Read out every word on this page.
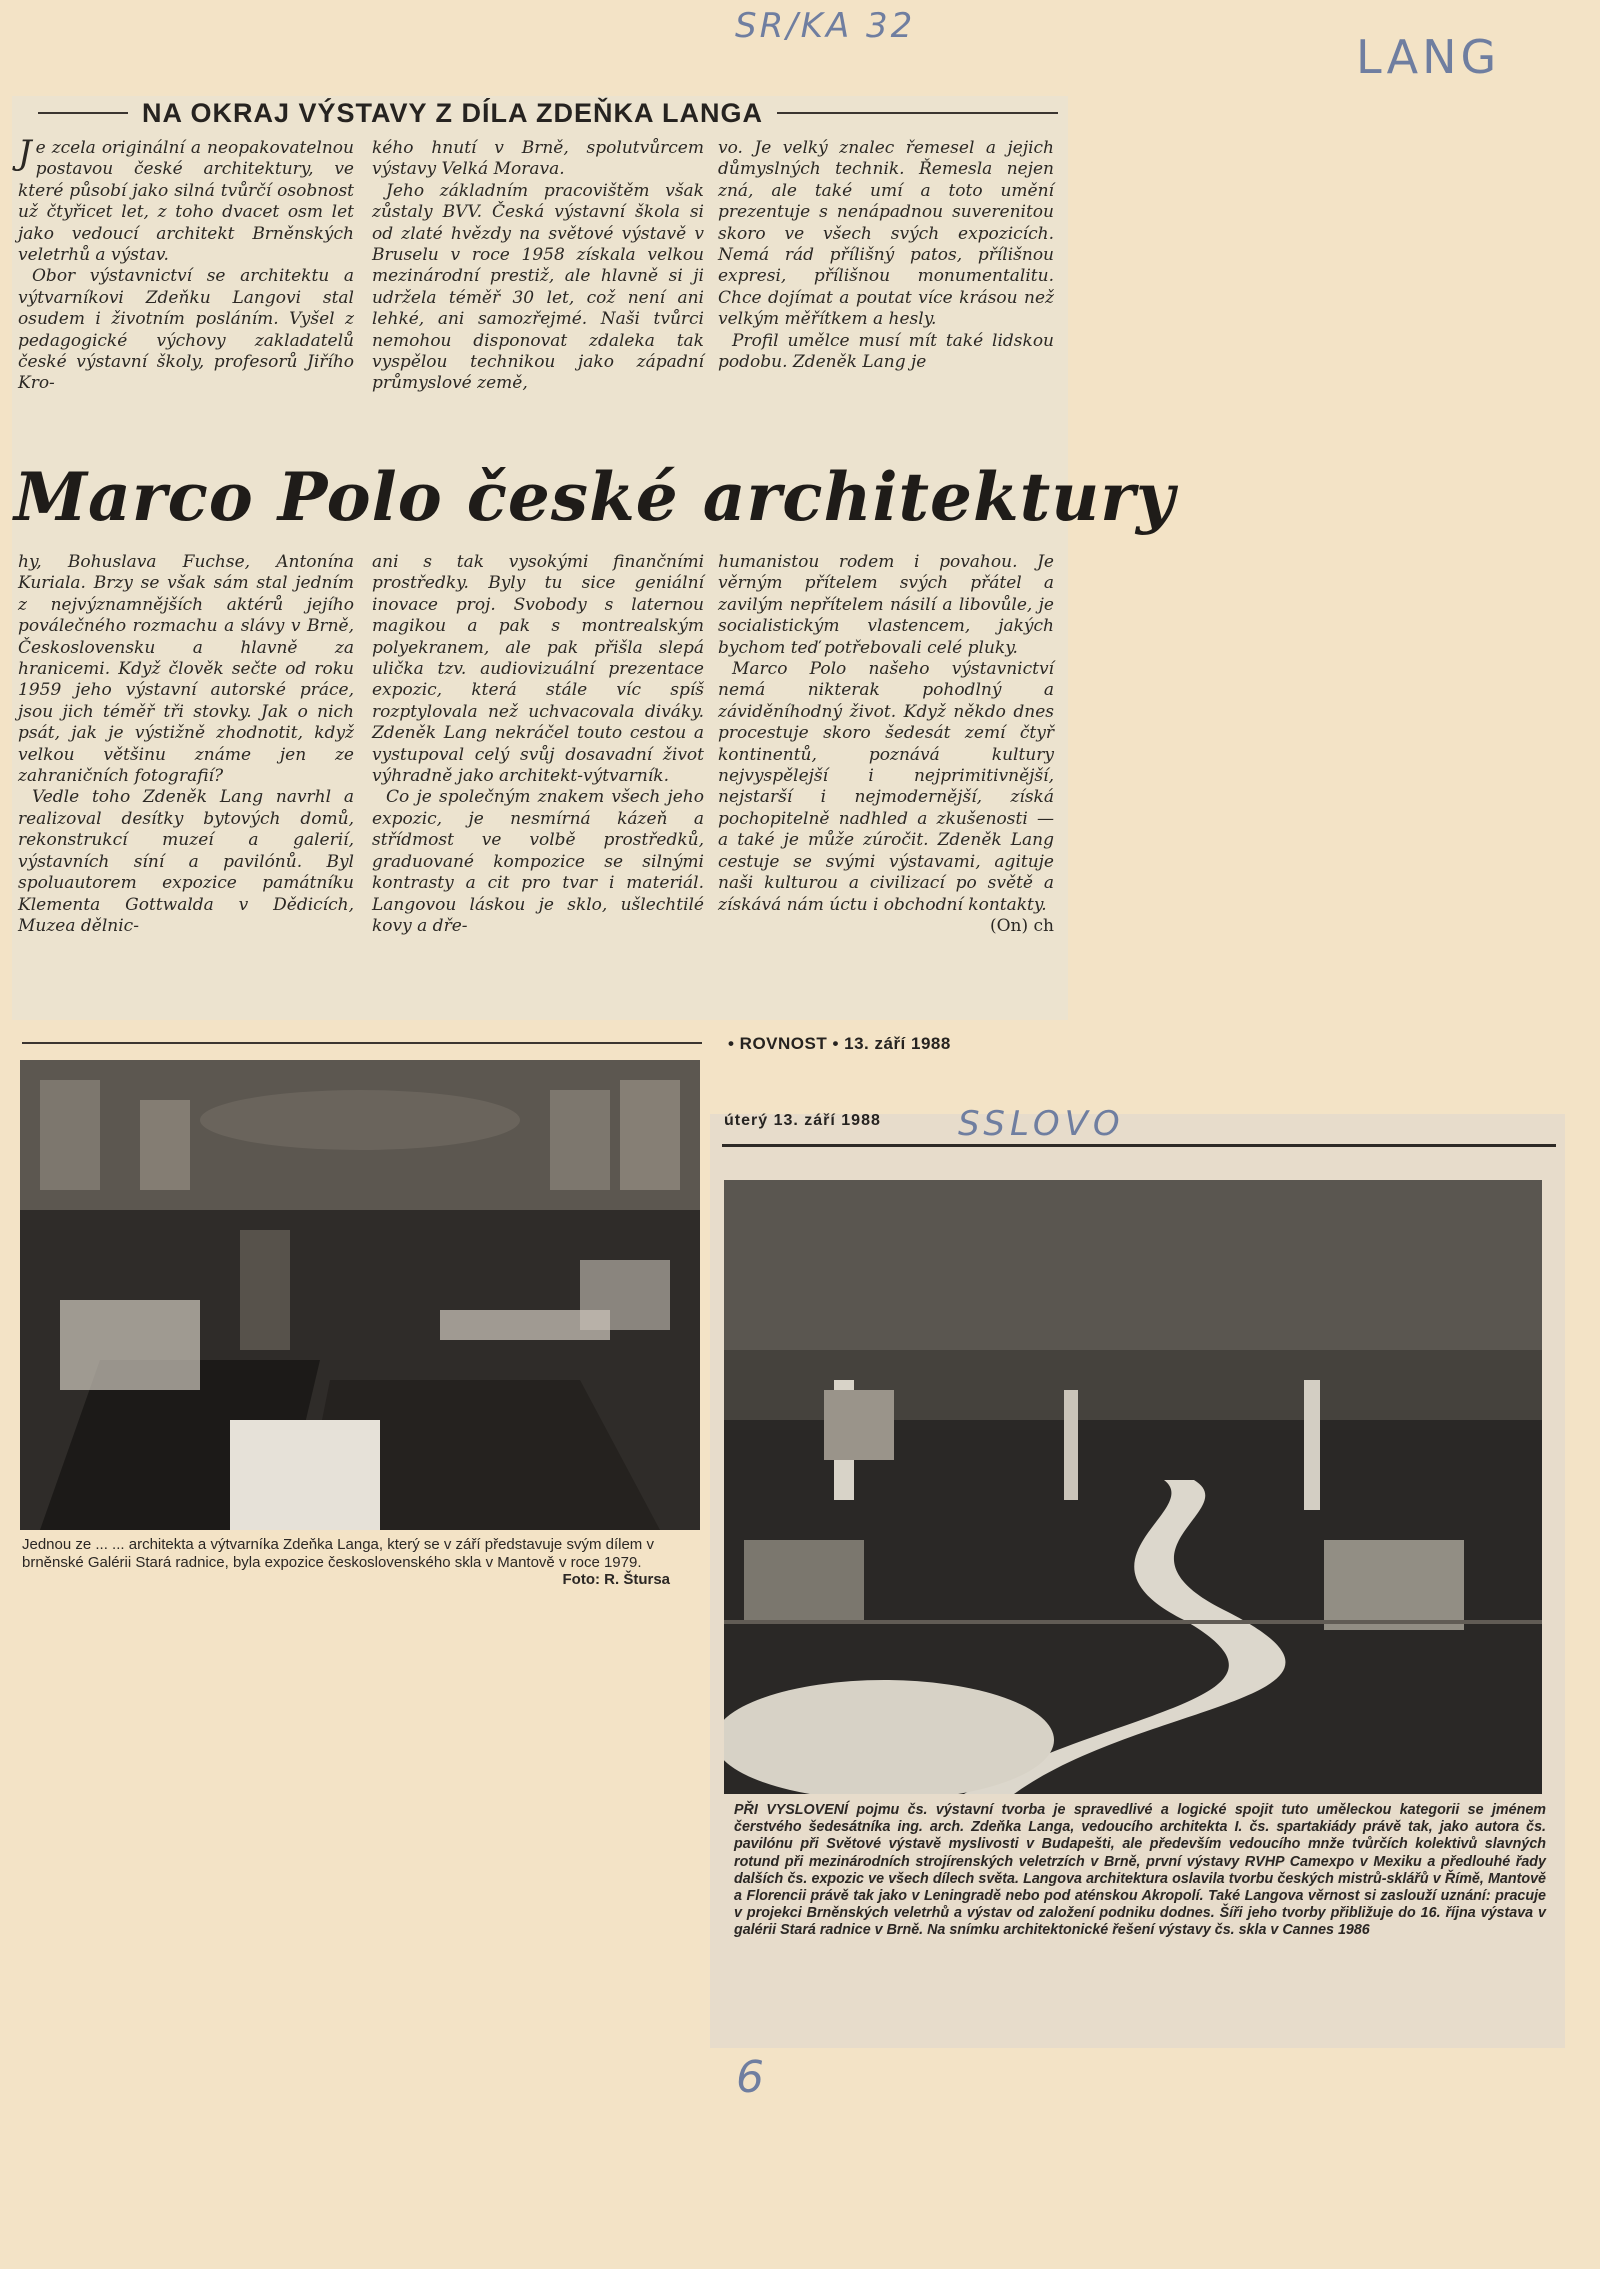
SR/KA 32
LANG
NA OKRAJ VÝSTAVY Z DÍLA ZDEŇKA LANGA

Je zcela originální a neopakovatelnou postavou české architektury, ve které působí jako silná tvůrčí osobnost už čtyřicet let, z toho dvacet osm let jako vedoucí architekt Brněnských veletrhů a výstav.

Obor výstavnictví se architektu a výtvarníkovi Zdeňku Langovi stal osudem i životním posláním. Vyšel z pedagogické výchovy zakladatelů české výstavní školy, profesorů Jiřího Kro-

kého hnutí v Brně, spolutvůrcem výstavy Velká Morava.

Jeho základním pracovištěm však zůstaly BVV. Česká výstavní škola si od zlaté hvězdy na světové výstavě v Bruselu v roce 1958 získala velkou mezinárodní prestiž, ale hlavně si ji udržela téměř 30 let, což není ani lehké, ani samozřejmé. Naši tvůrci nemohou disponovat zdaleka tak vyspělou technikou jako západní průmyslové země,

vo. Je velký znalec řemesel a jejich důmyslných technik. Řemesla nejen zná, ale také umí a toto umění prezentuje s nenápadnou suverenitou skoro ve všech svých expozicích. Nemá rád přílišný patos, přílišnou expresi, přílišnou monumentalitu. Chce dojímat a poutat více krásou než velkým měřítkem a hesly.

Profil umělce musí mít také lidskou podobu. Zdeněk Lang je

Marco Polo české architektury

hy, Bohuslava Fuchse, Antonína Kuriala. Brzy se však sám stal jedním z nejvýznamnějších aktérů jejího poválečného rozmachu a slávy v Brně, Československu a hlavně za hranicemi. Když člověk sečte od roku 1959 jeho výstavní autorské práce, jsou jich téměř tři stovky. Jak o nich psát, jak je výstižně zhodnotit, když velkou většinu známe jen ze zahraničních fotografií?

Vedle toho Zdeněk Lang navrhl a realizoval desítky bytových domů, rekonstrukcí muzeí a galerií, výstavních síní a pavilónů. Byl spoluautorem expozice památníku Klementa Gottwalda v Dědicích, Muzea dělnic-

ani s tak vysokými finančními prostředky. Byly tu sice geniální inovace proj. Svobody s laternou magikou a pak s montrealským polyekranem, ale pak přišla slepá ulička tzv. audiovizuální prezentace expozic, která stále víc spíš rozptylovala než uchvacovala diváky. Zdeněk Lang nekráčel touto cestou a vystupoval celý svůj dosavadní život výhradně jako architekt-výtvarník.

Co je společným znakem všech jeho expozic, je nesmírná kázeň a střídmost ve volbě prostředků, graduované kompozice se silnými kontrasty a cit pro tvar i materiál. Langovou láskou je sklo, ušlechtilé kovy a dře-

humanistou rodem i povahou. Je věrným přítelem svých přátel a zavilým nepřítelem násilí a libovůle, je socialistickým vlastencem, jakých bychom teď potřebovali celé pluky.

Marco Polo našeho výstavnictví nemá nikterak pohodlný a záviděníhodný život. Když někdo dnes procestuje skoro šedesát zemí čtyř kontinentů, poznává kultury nejvyspělejší i nejprimitivnější, nejstarší i nejmodernější, získá pochopitelně nadhled a zkušenosti — a také je může zúročit. Zdeněk Lang cestuje se svými výstavami, agituje naši kulturou a civilizací po světě a získává nám úctu i obchodní kontakty.

(On) ch

• ROVNOST • 13. září 1988
Jednou ze ... ... architekta a výtvarníka Zdeňka Langa, který se v září představuje svým dílem v brněnské Galérii Stará radnice, byla expozice československého skla v Mantově v roce 1979.
Foto: R. Štursa
úterý 13. září 1988 SSLOVO
PŘI VYSLOVENÍ pojmu čs. výstavní tvorba je spravedlivé a logické spojit tuto uměleckou kategorii se jménem čerstvého šedesátníka ing. arch. Zdeňka Langa, vedoucího architekta I. čs. spartakiády právě tak, jako autora čs. pavilónu při Světové výstavě myslivosti v Budapešti, ale především vedoucího mnže tvůrčích kolektivů slavných rotund při mezinárodních strojírenských veletrzích v Brně, první výstavy RVHP Camexpo v Mexiku a předlouhé řady dalších čs. expozic ve všech dílech světa. Langova architektura oslavila tvorbu českých mistrů-sklářů v Římě, Mantově a Florencii právě tak jako v Leningradě nebo pod aténskou Akropolí. Také Langova věrnost si zaslouží uznání: pracuje v projekci Brněnských veletrhů a výstav od založení podniku dodnes. Šíři jeho tvorby přibližuje do 16. října výstava v galérii Stará radnice v Brně. Na snímku architektonické řešení výstavy čs. skla v Cannes 1986
6
